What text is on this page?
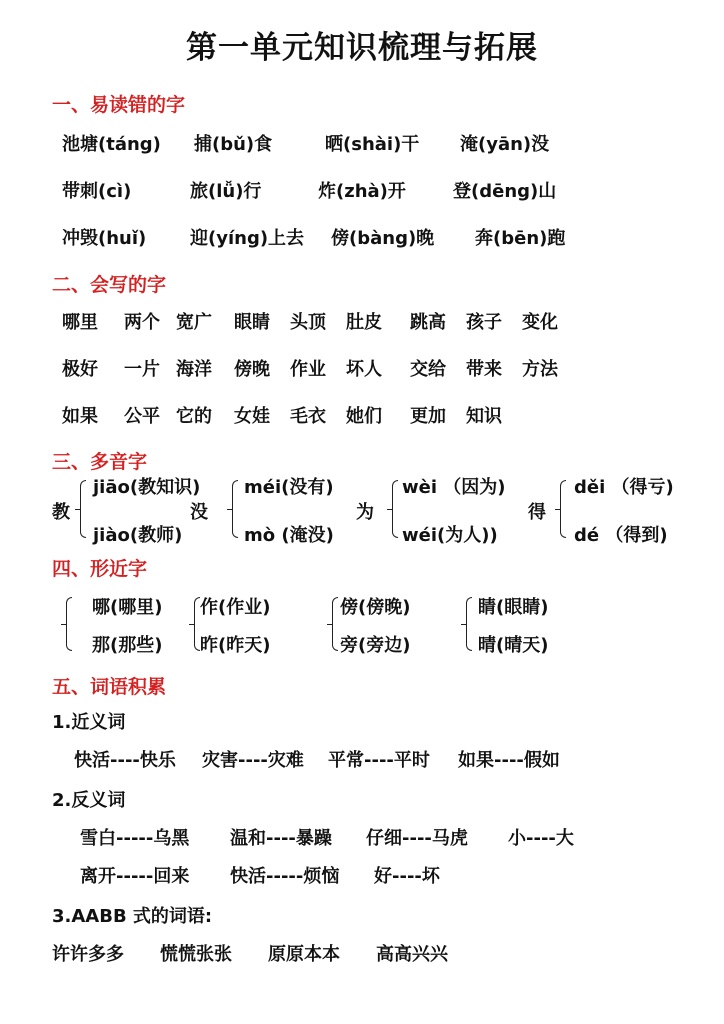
第一单元知识梳理与拓展
一、易读错的字
池塘(táng) 捕(bǔ)食	晒(shài)干 淹(yān)没
带刺(cì)	旅(lǚ)行	炸(zhà)开	登(dēng)山
冲毁(huǐ) 迎(yíng)上去 傍(bàng)晚 奔(bēn)跑
二、会写的字
哪里 两个 宽广 眼睛 头顶 肚皮 跳高 孩子 变化
极好 一片 海洋 傍晚 作业 坏人 交给 带来 方法
如果 公平 它的 女娃 毛衣 她们 更加 知识
三、多音字
教
jiāo(教知识)
jiào(教师)
没
méi(没有)
mò (淹没)
为
wèi （因为)
wéi(为人))
得
děi （得亏)
dé （得到)
四、形近字
哪(哪里)
那(那些)
作(作业)
昨(昨天)
傍(傍晚)
旁(旁边)
睛(眼睛)
晴(晴天)
五、词语积累
1.近义词
快活----快乐 灾害----灾难 平常----平时 如果----假如
2.反义词
雪白-----乌黑 温和----暴躁 仔细----马虎 小----大
离开-----回来 快活-----烦恼 好----坏
3.AABB 式的词语:
许许多多 慌慌张张 原原本本 高高兴兴
